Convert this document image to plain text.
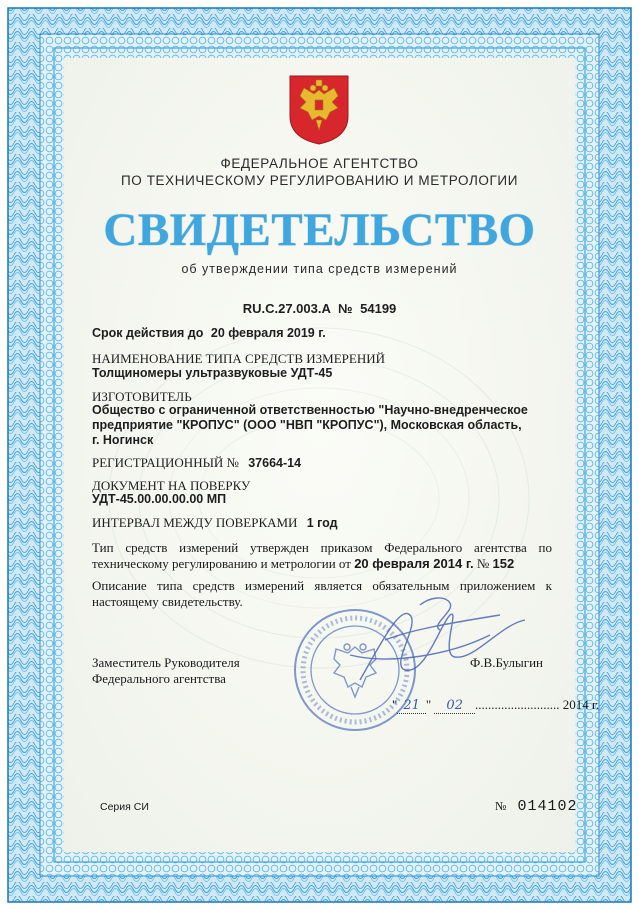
ФЕДЕРАЛЬНОЕ АГЕНТСТВО
ПО ТЕХНИЧЕСКОМУ РЕГУЛИРОВАНИЮ И МЕТРОЛОГИИ
СВИДЕТЕЛЬСТВО
об утверждении типа средств измерений
RU.C.27.003.A № 54199
Срок действия до 20 февраля 2019 г.
НАИМЕНОВАНИЕ ТИПА СРЕДСТВ ИЗМЕРЕНИЙ
Толщиномеры ультразвуковые УДТ-45
ИЗГОТОВИТЕЛЬ
Общество с ограниченной ответственностью "Научно-внедренческое
предприятие "КРОПУС" (ООО "НВП "КРОПУС"), Московская область,
г. Ногинск
РЕГИСТРАЦИОННЫЙ № 37664-14
ДОКУМЕНТ НА ПОВЕРКУ
УДТ-45.00.00.00.00 МП
ИНТЕРВАЛ МЕЖДУ ПОВЕРКАМИ 1 год
Тип средств измерений утвержден приказом Федерального агентства по техническому регулированию и метрологии от 20 февраля 2014 г. № 152
Описание типа средств измерений является обязательным приложением к настоящему свидетельству.
Заместитель Руководителя
Федерального агентства
Ф.В.Булыгин
" 21 " 02 .......................... 2014 г.
Серия СИ	№ 014102
